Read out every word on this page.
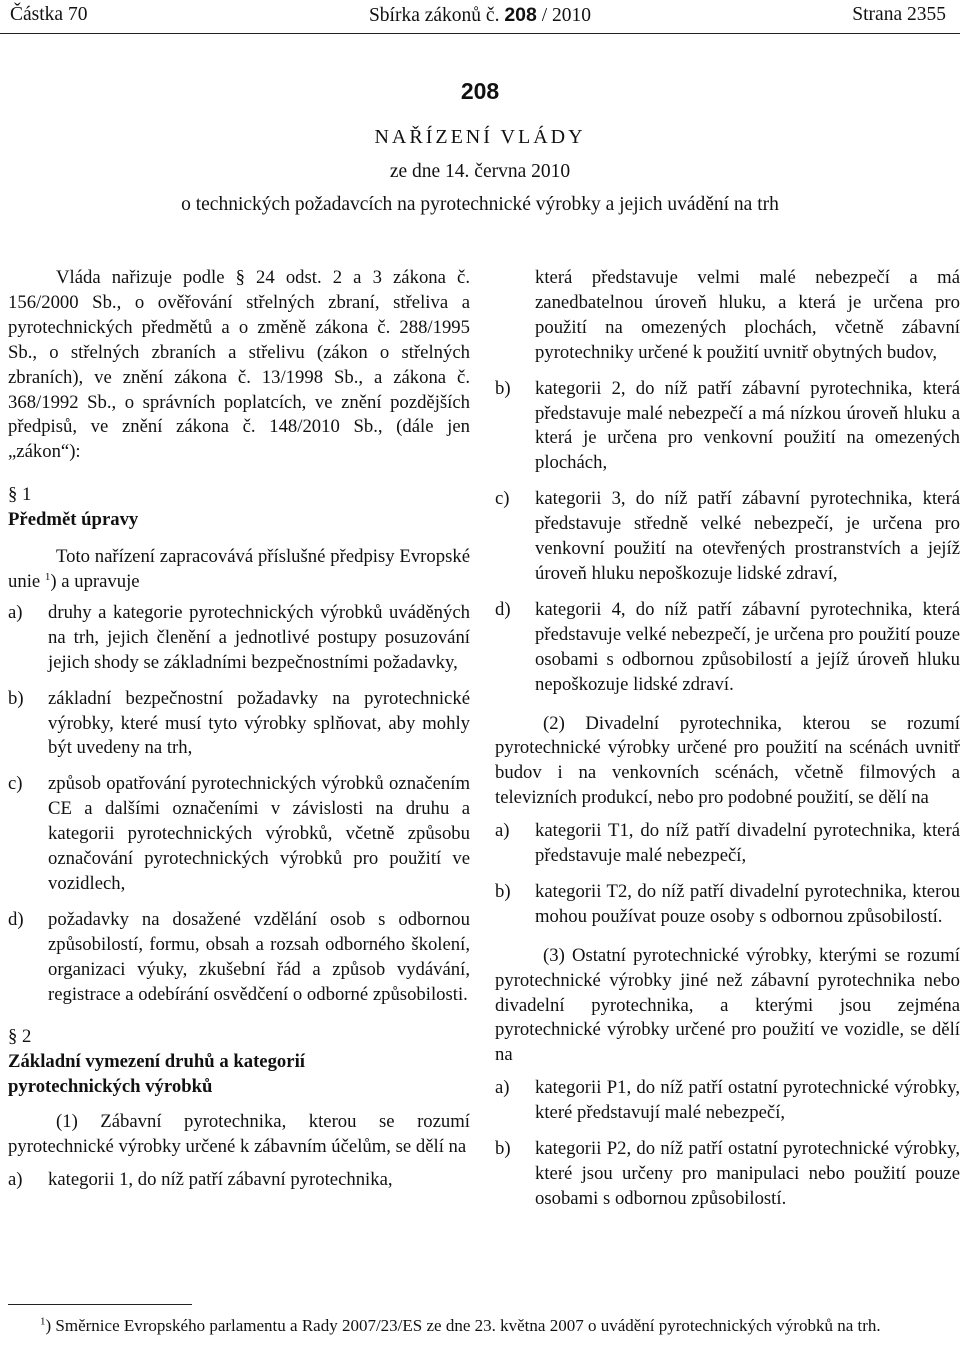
Částka 70	Sbírka zákonů č. 208 / 2010	Strana 2355
208
NAŘÍZENÍ VLÁDY
ze dne 14. června 2010
o technických požadavcích na pyrotechnické výrobky a jejich uvádění na trh

Vláda nařizuje podle § 24 odst. 2 a 3 zákona č. 156/2000 Sb., o ověřování střelných zbraní, střeliva a pyrotechnických předmětů a o změně zákona č. 288/1995 Sb., o střelných zbraních a střelivu (zákon o střelných zbraních), ve znění zákona č. 13/1998 Sb., a zákona č. 368/1992 Sb., o správních poplatcích, ve znění pozdějších předpisů, ve znění zákona č. 148/2010 Sb., (dále jen „zákon“):

§ 1

Předmět úpravy

Toto nařízení zapracovává příslušné předpisy Evropské unie $^1$) a upravuje

a) druhy a kategorie pyrotechnických výrobků uváděných na trh, jejich členění a jednotlivé postupy posuzování jejich shody se základními bezpečnostními požadavky,
b) základní bezpečnostní požadavky na pyrotechnické výrobky, které musí tyto výrobky splňovat, aby mohly být uvedeny na trh,
c) způsob opatřování pyrotechnických výrobků označením CE a dalšími označeními v závislosti na druhu a kategorii pyrotechnických výrobků, včetně způsobu označování pyrotechnických výrobků pro použití ve vozidlech,
d) požadavky na dosažené vzdělání osob s odbornou způsobilostí, formu, obsah a rozsah odborného školení, organizaci výuky, zkušební řád a způsob vydávání, registrace a odebírání osvědčení o odborné způsobilosti.

§ 2

Základní vymezení druhů a kategorií

pyrotechnických výrobků

(1) Zábavní pyrotechnika, kterou se rozumí pyrotechnické výrobky určené k zábavním účelům, se dělí na

a) kategorii 1, do níž patří zábavní pyrotechnika,

která představuje velmi malé nebezpečí a má zanedbatelnou úroveň hluku, a která je určena pro použití na omezených plochách, včetně zábavní pyrotechniky určené k použití uvnitř obytných budov,

b) kategorii 2, do níž patří zábavní pyrotechnika, která představuje malé nebezpečí a má nízkou úroveň hluku a která je určena pro venkovní použití na omezených plochách,
c) kategorii 3, do níž patří zábavní pyrotechnika, která představuje středně velké nebezpečí, je určena pro venkovní použití na otevřených prostranstvích a jejíž úroveň hluku nepoškozuje lidské zdraví,
d) kategorii 4, do níž patří zábavní pyrotechnika, která představuje velké nebezpečí, je určena pro použití pouze osobami s odbornou způsobilostí a jejíž úroveň hluku nepoškozuje lidské zdraví.

(2) Divadelní pyrotechnika, kterou se rozumí pyrotechnické výrobky určené pro použití na scénách uvnitř budov i na venkovních scénách, včetně filmových a televizních produkcí, nebo pro podobné použití, se dělí na

a) kategorii T1, do níž patří divadelní pyrotechnika, která představuje malé nebezpečí,
b) kategorii T2, do níž patří divadelní pyrotechnika, kterou mohou používat pouze osoby s odbornou způsobilostí.

(3) Ostatní pyrotechnické výrobky, kterými se rozumí pyrotechnické výrobky jiné než zábavní pyrotechnika nebo divadelní pyrotechnika, a kterými jsou zejména pyrotechnické výrobky určené pro použití ve vozidle, se dělí na

a) kategorii P1, do níž patří ostatní pyrotechnické výrobky, které představují malé nebezpečí,
b) kategorii P2, do níž patří ostatní pyrotechnické výrobky, které jsou určeny pro manipulaci nebo použití pouze osobami s odbornou způsobilostí.
$^1$) Směrnice Evropského parlamentu a Rady 2007/23/ES ze dne 23. května 2007 o uvádění pyrotechnických výrobků na trh.
